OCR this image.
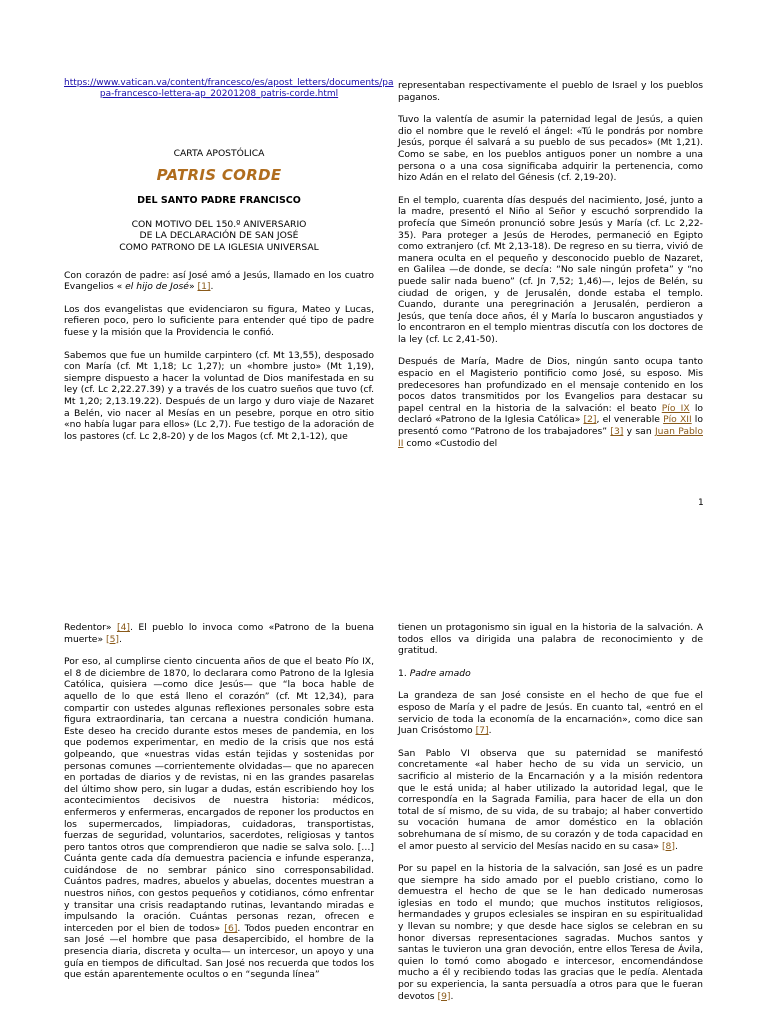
https://www.vatican.va/content/francesco/es/apost_letters/documents/pa
pa-francesco-lettera-ap_20201208_patris-corde.html
CARTA APOSTÓLICA
PATRIS CORDE
DEL SANTO PADRE FRANCISCO
CON MOTIVO DEL 150.º ANIVERSARIO
DE LA DECLARACIÓN DE SAN JOSÉ
COMO PATRONO DE LA IGLESIA UNIVERSAL

Con corazón de padre: así José amó a Jesús, llamado en los cuatro Evangelios « el hijo de José» [1].

Los dos evangelistas que evidenciaron su figura, Mateo y Lucas, refieren poco, pero lo suficiente para entender qué tipo de padre fuese y la misión que la Providencia le confió.

Sabemos que fue un humilde carpintero (cf. Mt 13,55), desposado con María (cf. Mt 1,18; Lc 1,27); un «hombre justo» (Mt 1,19), siempre dispuesto a hacer la voluntad de Dios manifestada en su ley (cf. Lc 2,22.27.39) y a través de los cuatro sueños que tuvo (cf. Mt 1,20; 2,13.19.22). Después de un largo y duro viaje de Nazaret a Belén, vio nacer al Mesías en un pesebre, porque en otro sitio «no había lugar para ellos» (Lc 2,7). Fue testigo de la adoración de los pastores (cf. Lc 2,8-20) y de los Magos (cf. Mt 2,1-12), que

representaban respectivamente el pueblo de Israel y los pueblos paganos.

Tuvo la valentía de asumir la paternidad legal de Jesús, a quien dio el nombre que le reveló el ángel: «Tú le pondrás por nombre Jesús, porque él salvará a su pueblo de sus pecados» (Mt 1,21). Como se sabe, en los pueblos antiguos poner un nombre a una persona o a una cosa significaba adquirir la pertenencia, como hizo Adán en el relato del Génesis (cf. 2,19-20).

En el templo, cuarenta días después del nacimiento, José, junto a la madre, presentó el Niño al Señor y escuchó sorprendido la profecía que Simeón pronunció sobre Jesús y María (cf. Lc 2,22-35). Para proteger a Jesús de Herodes, permaneció en Egipto como extranjero (cf. Mt 2,13-18). De regreso en su tierra, vivió de manera oculta en el pequeño y desconocido pueblo de Nazaret, en Galilea —de donde, se decía: “No sale ningún profeta” y “no puede salir nada bueno” (cf. Jn 7,52; 1,46)—, lejos de Belén, su ciudad de origen, y de Jerusalén, donde estaba el templo. Cuando, durante una peregrinación a Jerusalén, perdieron a Jesús, que tenía doce años, él y María lo buscaron angustiados y lo encontraron en el templo mientras discutía con los doctores de la ley (cf. Lc 2,41-50).

Después de María, Madre de Dios, ningún santo ocupa tanto espacio en el Magisterio pontificio como José, su esposo. Mis predecesores han profundizado en el mensaje contenido en los pocos datos transmitidos por los Evangelios para destacar su papel central en la historia de la salvación: el beato Pío IX lo declaró «Patrono de la Iglesia Católica» [2], el venerable Pío XII lo presentó como “Patrono de los trabajadores” [3] y san Juan Pablo II como «Custodio del

1

Redentor» [4]. El pueblo lo invoca como «Patrono de la buena muerte» [5].

Por eso, al cumplirse ciento cincuenta años de que el beato Pío IX, el 8 de diciembre de 1870, lo declarara como Patrono de la Iglesia Católica, quisiera —como dice Jesús— que “la boca hable de aquello de lo que está lleno el corazón” (cf. Mt 12,34), para compartir con ustedes algunas reflexiones personales sobre esta figura extraordinaria, tan cercana a nuestra condición humana. Este deseo ha crecido durante estos meses de pandemia, en los que podemos experimentar, en medio de la crisis que nos está golpeando, que «nuestras vidas están tejidas y sostenidas por personas comunes —corrientemente olvidadas— que no aparecen en portadas de diarios y de revistas, ni en las grandes pasarelas del último show pero, sin lugar a dudas, están escribiendo hoy los acontecimientos decisivos de nuestra historia: médicos, enfermeros y enfermeras, encargados de reponer los productos en los supermercados, limpiadoras, cuidadoras, transportistas, fuerzas de seguridad, voluntarios, sacerdotes, religiosas y tantos pero tantos otros que comprendieron que nadie se salva solo. […] Cuánta gente cada día demuestra paciencia e infunde esperanza, cuidándose de no sembrar pánico sino corresponsabilidad. Cuántos padres, madres, abuelos y abuelas, docentes muestran a nuestros niños, con gestos pequeños y cotidianos, cómo enfrentar y transitar una crisis readaptando rutinas, levantando miradas e impulsando la oración. Cuántas personas rezan, ofrecen e interceden por el bien de todos» [6]. Todos pueden encontrar en san José —el hombre que pasa desapercibido, el hombre de la presencia diaria, discreta y oculta— un intercesor, un apoyo y una guía en tiempos de dificultad. San José nos recuerda que todos los que están aparentemente ocultos o en “segunda línea”

tienen un protagonismo sin igual en la historia de la salvación. A todos ellos va dirigida una palabra de reconocimiento y de gratitud.

1. Padre amado

La grandeza de san José consiste en el hecho de que fue el esposo de María y el padre de Jesús. En cuanto tal, «entró en el servicio de toda la economía de la encarnación», como dice san Juan Crisóstomo [7].

San Pablo VI observa que su paternidad se manifestó concretamente «al haber hecho de su vida un servicio, un sacrificio al misterio de la Encarnación y a la misión redentora que le está unida; al haber utilizado la autoridad legal, que le correspondía en la Sagrada Familia, para hacer de ella un don total de sí mismo, de su vida, de su trabajo; al haber convertido su vocación humana de amor doméstico en la oblación sobrehumana de sí mismo, de su corazón y de toda capacidad en el amor puesto al servicio del Mesías nacido en su casa» [8].

Por su papel en la historia de la salvación, san José es un padre que siempre ha sido amado por el pueblo cristiano, como lo demuestra el hecho de que se le han dedicado numerosas iglesias en todo el mundo; que muchos institutos religiosos, hermandades y grupos eclesiales se inspiran en su espiritualidad y llevan su nombre; y que desde hace siglos se celebran en su honor diversas representaciones sagradas. Muchos santos y santas le tuvieron una gran devoción, entre ellos Teresa de Ávila, quien lo tomó como abogado e intercesor, encomendándose mucho a él y recibiendo todas las gracias que le pedía. Alentada por su experiencia, la santa persuadía a otros para que le fueran devotos [9].
